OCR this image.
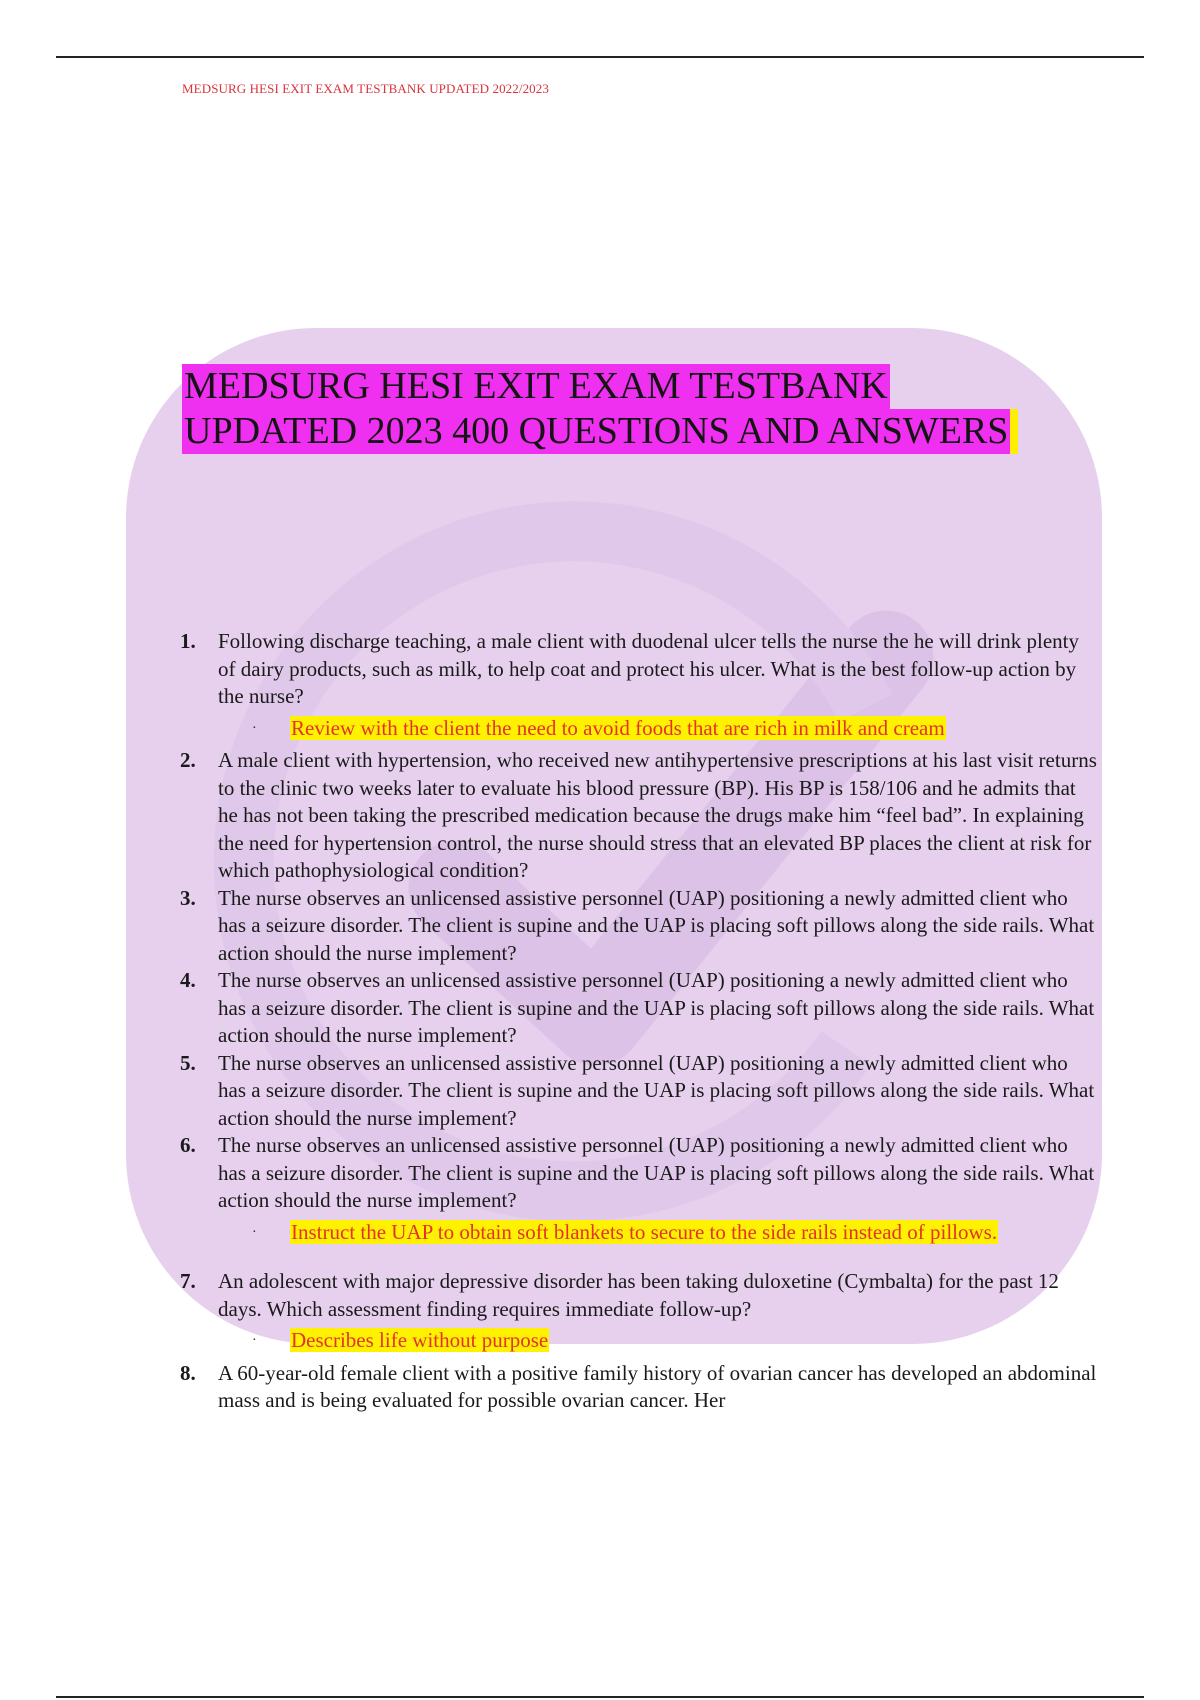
MEDSURG HESI EXIT EXAM TESTBANK UPDATED 2022/2023
MEDSURG HESI EXIT EXAM TESTBANK
UPDATED 2023 400 QUESTIONS AND ANSWERS
1.	Following discharge teaching, a male client with duodenal ulcer tells the nurse the he will drink plenty of dairy products, such as milk, to help coat and protect his ulcer. What is the best follow-up action by the nurse?
·	Review with the client the need to avoid foods that are rich in milk and cream
2.	A male client with hypertension, who received new antihypertensive prescriptions at his last visit returns to the clinic two weeks later to evaluate his blood pressure (BP). His BP is 158/106 and he admits that he has not been taking the prescribed medication because the drugs make him “feel bad”. In explaining the need for hypertension control, the nurse should stress that an elevated BP places the client at risk for which pathophysiological condition?
3.	The nurse observes an unlicensed assistive personnel (UAP) positioning a newly admitted client who has a seizure disorder. The client is supine and the UAP is placing soft pillows along the side rails. What action should the nurse implement?
4.	The nurse observes an unlicensed assistive personnel (UAP) positioning a newly admitted client who has a seizure disorder. The client is supine and the UAP is placing soft pillows along the side rails. What action should the nurse implement?
5.	The nurse observes an unlicensed assistive personnel (UAP) positioning a newly admitted client who has a seizure disorder. The client is supine and the UAP is placing soft pillows along the side rails. What action should the nurse implement?
6.	The nurse observes an unlicensed assistive personnel (UAP) positioning a newly admitted client who has a seizure disorder. The client is supine and the UAP is placing soft pillows along the side rails. What action should the nurse implement?
·	Instruct the UAP to obtain soft blankets to secure to the side rails instead of pillows.
7.	An adolescent with major depressive disorder has been taking duloxetine (Cymbalta) for the past 12 days. Which assessment finding requires immediate follow-up?
·	Describes life without purpose
8.	A 60-year-old female client with a positive family history of ovarian cancer has developed an abdominal mass and is being evaluated for possible ovarian cancer. Her
